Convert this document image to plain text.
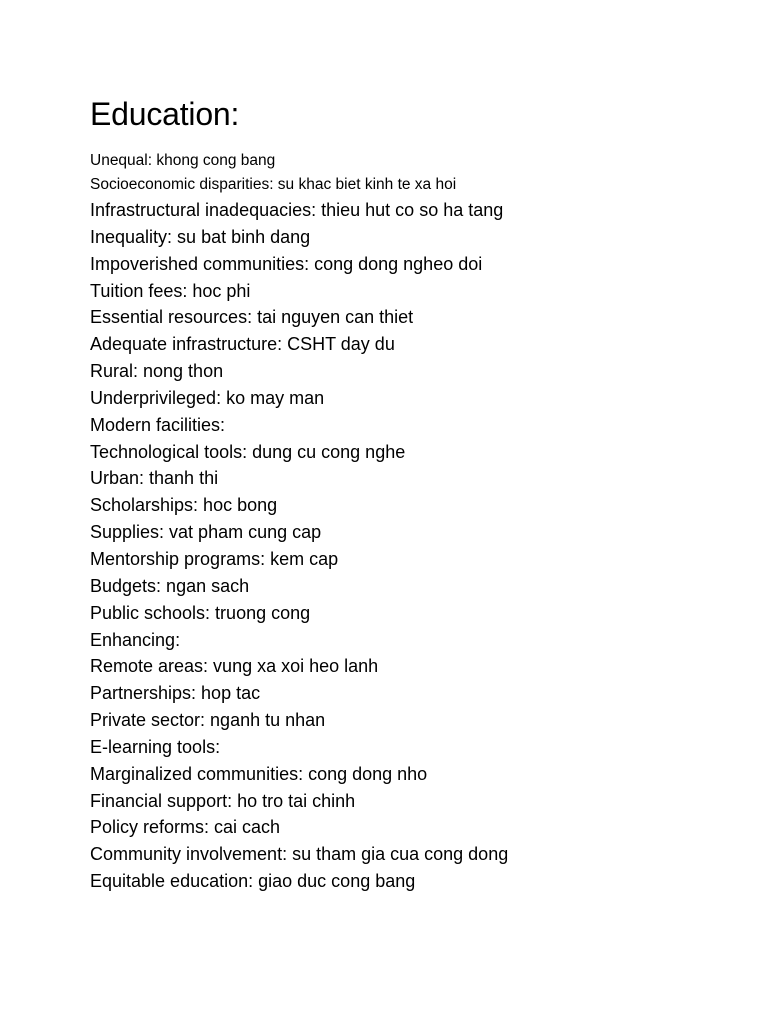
Education:
Unequal: khong cong bang
Socioeconomic disparities: su khac biet kinh te xa hoi
Infrastructural inadequacies: thieu hut co so ha tang
Inequality: su bat binh dang
Impoverished communities: cong dong ngheo doi
Tuition fees: hoc phi
Essential resources: tai nguyen can thiet
Adequate infrastructure: CSHT day du
Rural: nong thon
Underprivileged: ko may man
Modern facilities:
Technological tools: dung cu cong nghe
Urban: thanh thi
Scholarships: hoc bong
Supplies: vat pham cung cap
Mentorship programs: kem cap
Budgets: ngan sach
Public schools: truong cong
Enhancing:
Remote areas: vung xa xoi heo lanh
Partnerships: hop tac
Private sector: nganh tu nhan
E-learning tools:
Marginalized communities: cong dong nho
Financial support: ho tro tai chinh
Policy reforms: cai cach
Community involvement: su tham gia cua cong dong
Equitable education: giao duc cong bang
